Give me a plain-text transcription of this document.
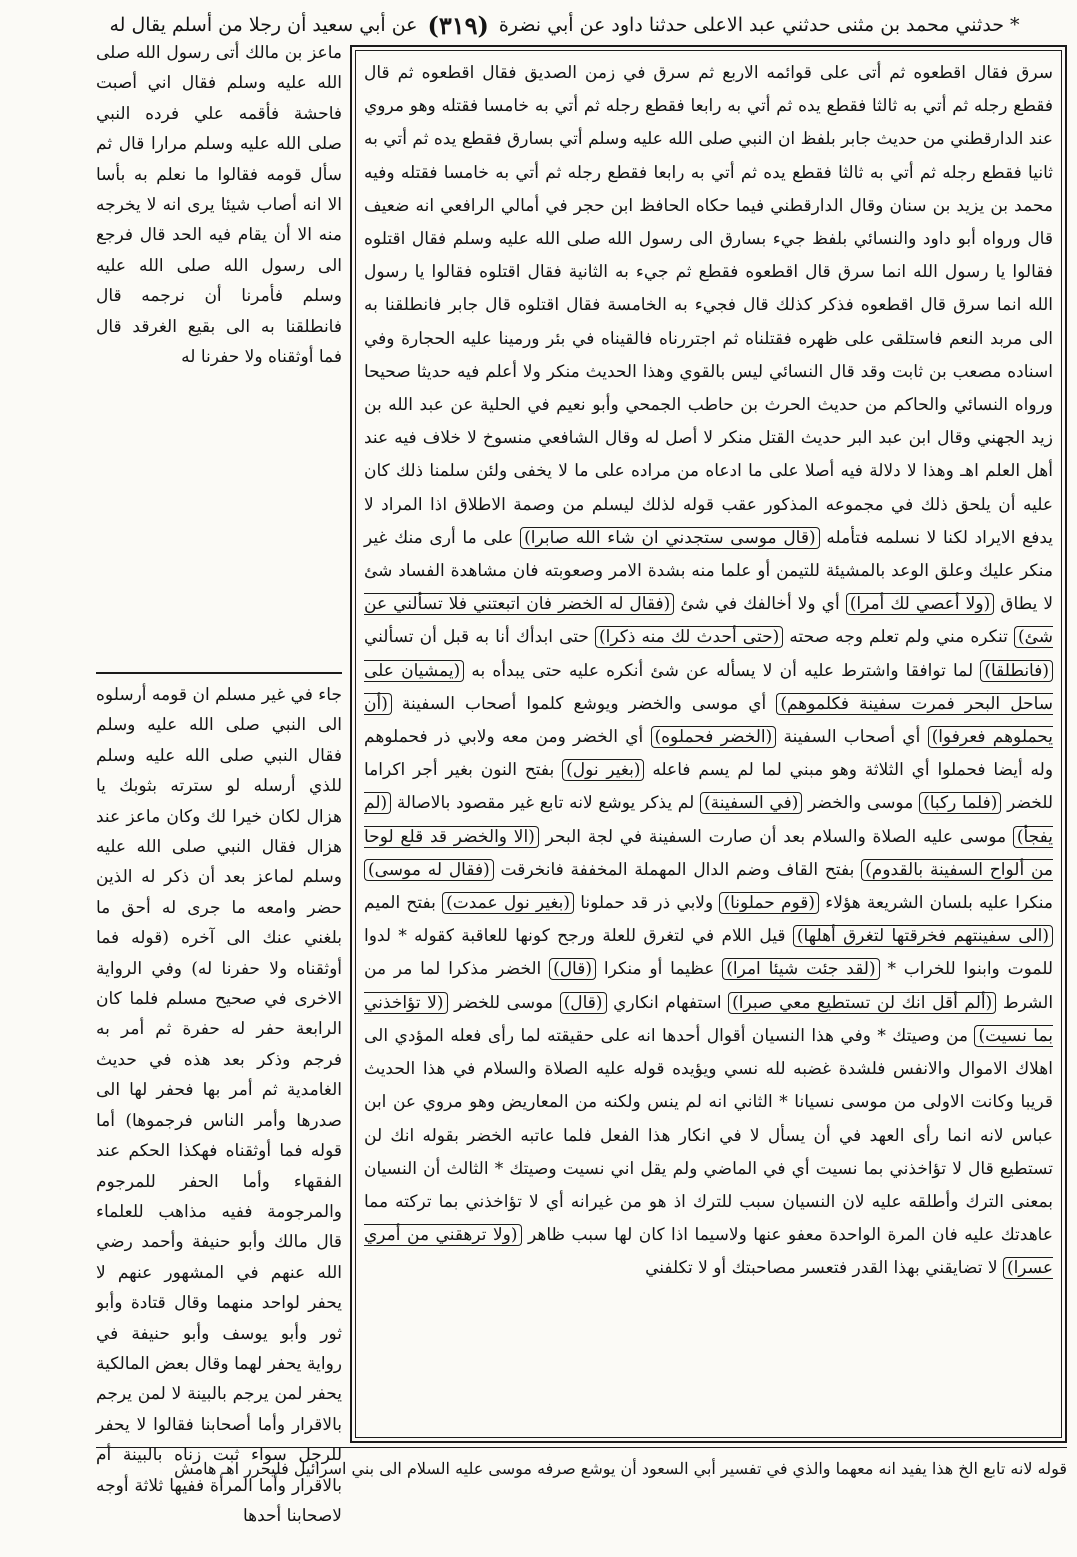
*
حدثني محمد بن مثنى حدثني عبد الاعلى حدثنا داود عن أبي نضرة
(٣١٩)
عن أبي سعيد أن رجلا من أسلم يقال له

سرق فقال اقطعوه ثم أتى على قوائمه الاربع ثم سرق في زمن الصديق فقال اقطعوه ثم قال فقطع رجله ثم أتي به ثالثا فقطع يده ثم أتي به رابعا فقطع رجله ثم أتي به خامسا فقتله وهو مروي عند الدارقطني من حديث جابر بلفظ ان النبي صلى الله عليه وسلم أتي بسارق فقطع يده ثم أتي به ثانيا فقطع رجله ثم أتي به ثالثا فقطع يده ثم أتي به رابعا فقطع رجله ثم أتي به خامسا فقتله وفيه محمد بن يزيد بن سنان وقال الدارقطني فيما حكاه الحافظ ابن حجر في أمالي الرافعي انه ضعيف قال ورواه أبو داود والنسائي بلفظ جيء بسارق الى رسول الله صلى الله عليه وسلم فقال اقتلوه فقالوا يا رسول الله انما سرق قال اقطعوه فقطع ثم جيء به الثانية فقال اقتلوه فقالوا يا رسول الله انما سرق قال اقطعوه فذكر كذلك قال فجيء به الخامسة فقال اقتلوه قال جابر فانطلقنا به الى مربد النعم فاستلقى على ظهره فقتلناه ثم اجتررناه فالقيناه في بئر ورمينا عليه الحجارة وفي اسناده مصعب بن ثابت وقد قال النسائي ليس بالقوي وهذا الحديث منكر ولا أعلم فيه حديثا صحيحا ورواه النسائي والحاكم من حديث الحرث بن حاطب الجمحي وأبو نعيم في الحلية عن عبد الله بن زيد الجهني وقال ابن عبد البر حديث القتل منكر لا أصل له وقال الشافعي منسوخ لا خلاف فيه عند أهل العلم اهـ وهذا لا دلالة فيه أصلا على ما ادعاه من مراده على ما لا يخفى ولئن سلمنا ذلك كان عليه أن يلحق ذلك في مجموعه المذكور عقب قوله لذلك ليسلم من وصمة الاطلاق اذا المراد لا يدفع الايراد لكنا لا نسلمه فتأمله (قال موسى ستجدني ان شاء الله صابرا) على ما أرى منك غير منكر عليك وعلق الوعد بالمشيئة للتيمن أو علما منه بشدة الامر وصعوبته فان مشاهدة الفساد شئ لا يطاق (ولا أعصي لك أمرا) أي ولا أخالفك في شئ (فقال له الخضر فان اتبعتني فلا تسألني عن شئ) تنكره مني ولم تعلم وجه صحته (حتى أحدث لك منه ذكرا) حتى ابدأك أنا به قبل أن تسألني (فانطلقا) لما توافقا واشترط عليه أن لا يسأله عن شئ أنكره عليه حتى يبدأه به (يمشيان على ساحل البحر فمرت سفينة فكلموهم) أي موسى والخضر ويوشع كلموا أصحاب السفينة (أن يحملوهم فعرفوا) أي أصحاب السفينة (الخضر فحملوه) أي الخضر ومن معه ولابي ذر فحملوهم وله أيضا فحملوا أي الثلاثة وهو مبني لما لم يسم فاعله (بغير نول) بفتح النون بغير أجر اكراما للخضر (فلما ركبا) موسى والخضر (في السفينة) لم يذكر يوشع لانه تابع غير مقصود بالاصالة (لم يفجأ) موسى عليه الصلاة والسلام بعد أن صارت السفينة في لجة البحر (الا والخضر قد قلع لوحا من ألواح السفينة بالقدوم) بفتح القاف وضم الدال المهملة المخففة فانخرقت (فقال له موسى) منكرا عليه بلسان الشريعة هؤلاء (قوم حملونا) ولابي ذر قد حملونا (بغير نول عمدت) بفتح الميم (الى سفينتهم فخرقتها لتغرق أهلها) قيل اللام في لتغرق للعلة ورجح كونها للعاقبة كقوله * لدوا للموت وابنوا للخراب * (لقد جئت شيئا امرا) عظيما أو منكرا (قال) الخضر مذكرا لما مر من الشرط (ألم أقل انك لن تستطيع معي صبرا) استفهام انكاري (قال) موسى للخضر (لا تؤاخذني بما نسيت) من وصيتك * وفي هذا النسيان أقوال أحدها انه على حقيقته لما رأى فعله المؤدي الى اهلاك الاموال والانفس فلشدة غضبه لله نسي ويؤيده قوله عليه الصلاة والسلام في هذا الحديث قريبا وكانت الاولى من موسى نسيانا * الثاني انه لم ينس ولكنه من المعاريض وهو مروي عن ابن عباس لانه انما رأى العهد في أن يسأل لا في انكار هذا الفعل فلما عاتبه الخضر بقوله انك لن تستطيع قال لا تؤاخذني بما نسيت أي في الماضي ولم يقل اني نسيت وصيتك * الثالث أن النسيان بمعنى الترك وأطلقه عليه لان النسيان سبب للترك اذ هو من غيرانه أي لا تؤاخذني بما تركته مما عاهدتك عليه فان المرة الواحدة معفو عنها ولاسيما اذا كان لها سبب ظاهر (ولا ترهقني من أمري عسرا) لا تضايقني بهذا القدر فتعسر مصاحبتك أو لا تكلفني

ماعز بن مالك أتى رسول الله صلى الله عليه وسلم فقال اني أصبت فاحشة فأقمه علي فرده النبي صلى الله عليه وسلم مرارا قال ثم سأل قومه فقالوا ما نعلم به بأسا الا انه أصاب شيئا يرى انه لا يخرجه منه الا أن يقام فيه الحد قال فرجع الى رسول الله صلى الله عليه وسلم فأمرنا أن نرجمه قال فانطلقنا به الى بقيع الغرقد قال فما أوثقناه ولا حفرنا له
جاء في غير مسلم ان قومه أرسلوه الى النبي صلى الله عليه وسلم فقال النبي صلى الله عليه وسلم للذي أرسله لو سترته بثوبك يا هزال لكان خيرا لك وكان ماعز عند هزال فقال النبي صلى الله عليه وسلم لماعز بعد أن ذكر له الذين حضر وامعه ما جرى له أحق ما بلغني عنك الى آخره (قوله فما أوثقناه ولا حفرنا له) وفي الرواية الاخرى في صحيح مسلم فلما كان الرابعة حفر له حفرة ثم أمر به فرجم وذكر بعد هذه في حديث الغامدية ثم أمر بها فحفر لها الى صدرها وأمر الناس فرجموها) أما قوله فما أوثقناه فهكذا الحكم عند الفقهاء وأما الحفر للمرجوم والمرجومة ففيه مذاهب للعلماء قال مالك وأبو حنيفة وأحمد رضي الله عنهم في المشهور عنهم لا يحفر لواحد منهما وقال قتادة وأبو ثور وأبو يوسف وأبو حنيفة في رواية يحفر لهما وقال بعض المالكية يحفر لمن يرجم بالبينة لا لمن يرجم بالاقرار وأما أصحابنا فقالوا لا يحفر للرجل سواء ثبت زناه بالبينة أم بالاقرار وأما المرأة ففيها ثلاثة أوجه لاصحابنا أحدها
قوله لانه تابع الخ هذا يفيد انه معهما والذي في تفسير أبي السعود أن يوشع صرفه موسى عليه السلام الى بني اسرائيل فليحرر اهـ هامش
